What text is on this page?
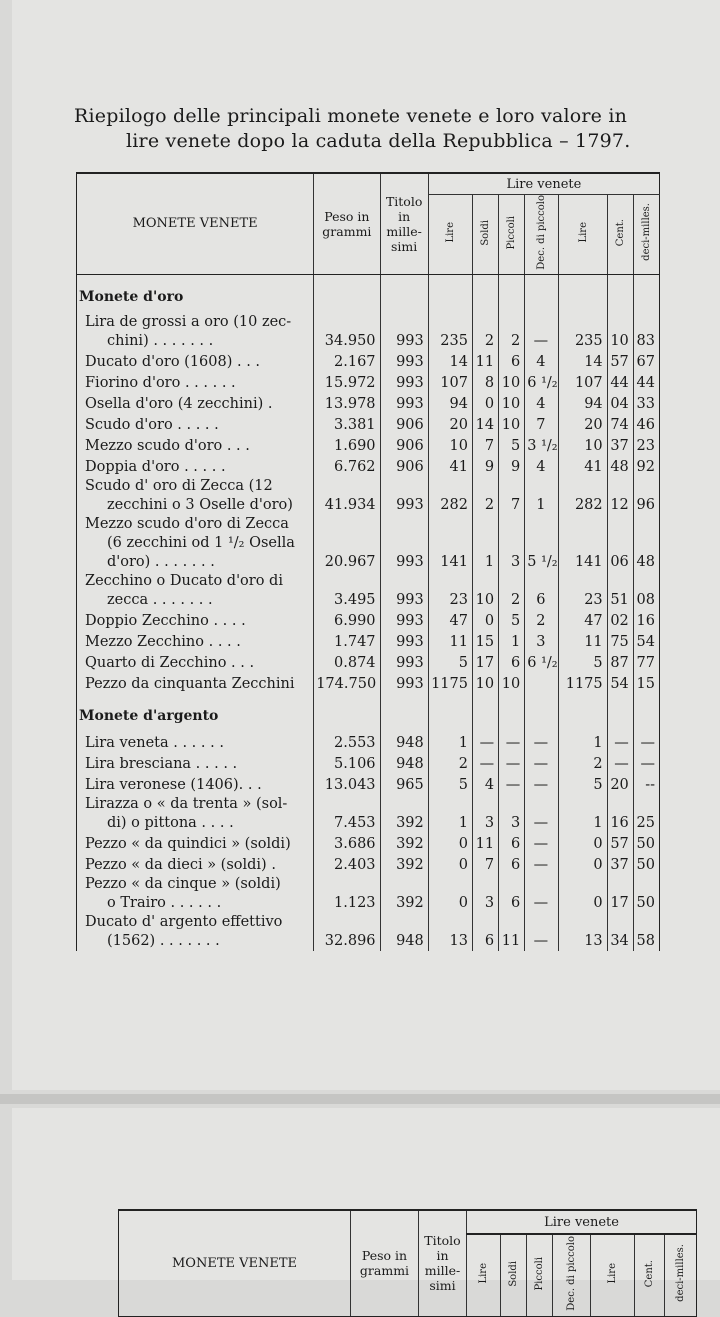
Riepilogo delle principali monete venete e loro valore in
lire venete dopo la caduta della Repubblica – 1797.
MONETE VENETE	Peso in grammi	Titolo in mille-simi	Lire venete						
			Lire	Soldi	Piccoli	Dec. di piccolo	Lire	Cent.	deci-milles.
Monete d'oro									

Lira de grossi a oro (10 zec-
chini) . . . . . . .	34.950	993	235	2	2	—	235	10	83

Ducato d'oro (1608) . . .	2.167	993	14	11	6	4	14	57	67

Fiorino d'oro . . . . . .	15.972	993	107	8	10	6 ¹/₂	107	44	44

Osella d'oro (4 zecchini) .	13.978	993	94	0	10	4	94	04	33

Scudo d'oro . . . . .	3.381	906	20	14	10	7	20	74	46

Mezzo scudo d'oro . . .	1.690	906	10	7	5	3 ¹/₂	10	37	23

Doppia d'oro . . . . .	6.762	906	41	9	9	4	41	48	92

Scudo d' oro di Zecca (12
zecchini o 3 Oselle d'oro)	41.934	993	282	2	7	1	282	12	96

Mezzo scudo d'oro di Zecca
(6 zecchini od 1 ¹/₂ Osella
d'oro) . . . . . . .	20.967	993	141	1	3	5 ¹/₂	141	06	48

Zecchino o Ducato d'oro di
zecca . . . . . . .	3.495	993	23	10	2	6	23	51	08

Doppio Zecchino . . . .	6.990	993	47	0	5	2	47	02	16

Mezzo Zecchino . . . .	1.747	993	11	15	1	3	11	75	54

Quarto di Zecchino . . .	0.874	993	5	17	6	6 ¹/₂	5	87	77

Pezzo da cinquanta Zecchini	174.750	993	1175	10	10		1175	54	15
Monete d'argento									

Lira veneta . . . . . .	2.553	948	1	—	—	—	1	—	—

Lira bresciana . . . . .	5.106	948	2	—	—	—	2	—	—

Lira veronese (1406). . .	13.043	965	5	4	—	—	5	20	--

Lirazza o « da trenta » (sol-
di) o pittona . . . .	7.453	392	1	3	3	—	1	16	25

Pezzo « da quindici » (soldi)	3.686	392	0	11	6	—	0	57	50

Pezzo « da dieci » (soldi) .	2.403	392	0	7	6	—	0	37	50

Pezzo « da cinque » (soldi)
o Trairo . . . . . .	1.123	392	0	3	6	—	0	17	50

Ducato d' argento effettivo
(1562) . . . . . . .	32.896	948	13	6	11	—	13	34	58
MONETE VENETE	Peso in grammi	Titolo in mille-simi	Lire venete						
			Lire	Soldi	Piccoli	Dec. di piccolo	Lire	Cent.	deci-milles.
